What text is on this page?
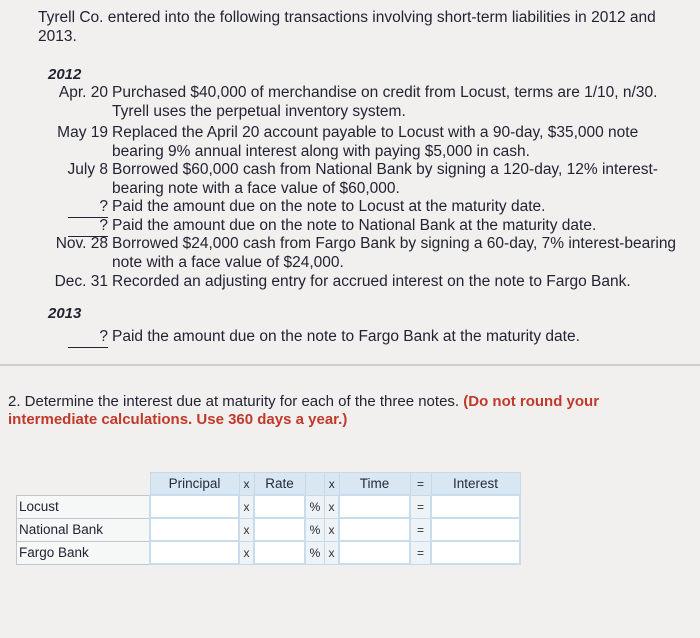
Tyrell Co. entered into the following transactions involving short-term liabilities in 2012 and 2013.
2012
Apr. 20 Purchased $40,000 of merchandise on credit from Locust, terms are 1/10, n/30. Tyrell uses the perpetual inventory system.
May 19 Replaced the April 20 account payable to Locust with a 90-day, $35,000 note bearing 9% annual interest along with paying $5,000 in cash.
July 8 Borrowed $60,000 cash from National Bank by signing a 120-day, 12% interest-bearing note with a face value of $60,000.
? Paid the amount due on the note to Locust at the maturity date.
? Paid the amount due on the note to National Bank at the maturity date.
Nov. 28 Borrowed $24,000 cash from Fargo Bank by signing a 60-day, 7% interest-bearing note with a face value of $24,000.
Dec. 31 Recorded an adjusting entry for accrued interest on the note to Fargo Bank.
2013
? Paid the amount due on the note to Fargo Bank at the maturity date.
2. Determine the interest due at maturity for each of the three notes. (Do not round your intermediate calculations. Use 360 days a year.)
	Principal	x	Rate		x	Time	=	Interest
Locust		x		%	x		=	
National Bank		x		%	x		=	
Fargo Bank		x		%	x		=	
